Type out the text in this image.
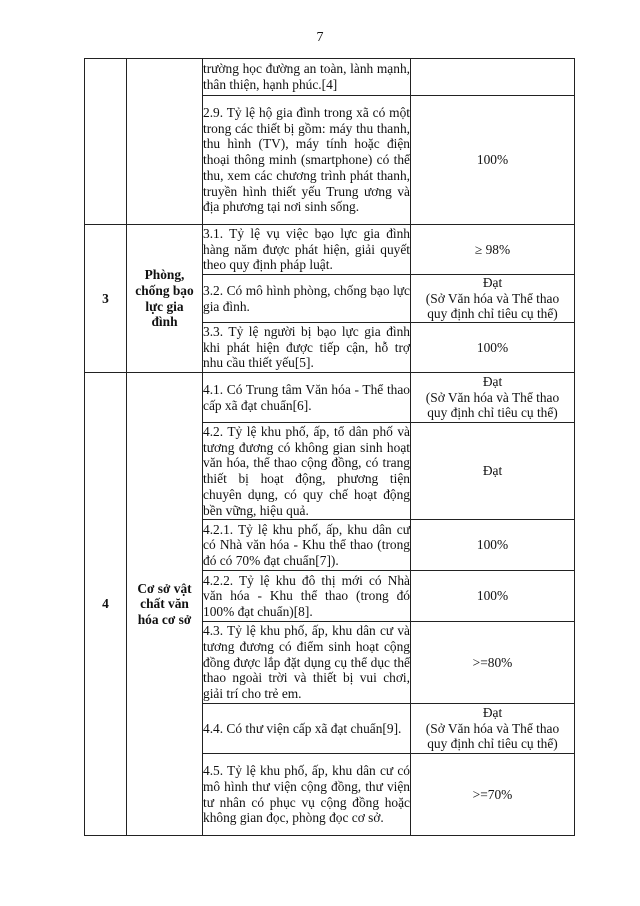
7
		trường học đường an toàn, lành mạnh, thân thiện, hạnh phúc.[4]	
		2.9. Tỷ lệ hộ gia đình trong xã có một trong các thiết bị gồm: máy thu thanh, thu hình (TV), máy tính hoặc điện thoại thông minh (smartphone) có thể thu, xem các chương trình phát thanh, truyền hình thiết yếu Trung ương và địa phương tại nơi sinh sống.	100%

3	Phòng,
chống bạo
lực gia
đình	3.1. Tỷ lệ vụ việc bạo lực gia đình hàng năm được phát hiện, giải quyết theo quy định pháp luật.	≥ 98%

		3.2. Có mô hình phòng, chống bạo lực gia đình.	Đạt
(Sở Văn hóa và Thể thao
quy định chỉ tiêu cụ thể)

		3.3. Tỷ lệ người bị bạo lực gia đình khi phát hiện được tiếp cận, hỗ trợ nhu cầu thiết yếu[5].	100%

4	Cơ sở vật
chất văn
hóa cơ sở	4.1. Có Trung tâm Văn hóa - Thể thao cấp xã đạt chuẩn[6].	Đạt
(Sở Văn hóa và Thể thao
quy định chỉ tiêu cụ thể)

		4.2. Tỷ lệ khu phố, ấp, tổ dân phố và tương đương có không gian sinh hoạt văn hóa, thể thao cộng đồng, có trang thiết bị hoạt động, phương tiện chuyên dụng, có quy chế hoạt động bền vững, hiệu quả.	Đạt

		4.2.1. Tỷ lệ khu phố, ấp, khu dân cư có Nhà văn hóa - Khu thể thao (trong đó có 70% đạt chuẩn[7]).	100%

		4.2.2. Tỷ lệ khu đô thị mới có Nhà văn hóa - Khu thể thao (trong đó 100% đạt chuẩn)[8].	100%

		4.3. Tỷ lệ khu phố, ấp, khu dân cư và tương đương có điểm sinh hoạt cộng đồng được lắp đặt dụng cụ thể dục thể thao ngoài trời và thiết bị vui chơi, giải trí cho trẻ em.	>=80%

		4.4. Có thư viện cấp xã đạt chuẩn[9].	Đạt
(Sở Văn hóa và Thể thao
quy định chỉ tiêu cụ thể)

		4.5. Tỷ lệ khu phố, ấp, khu dân cư có mô hình thư viện cộng đồng, thư viện tư nhân có phục vụ cộng đồng hoặc không gian đọc, phòng đọc cơ sở.	>=70%
